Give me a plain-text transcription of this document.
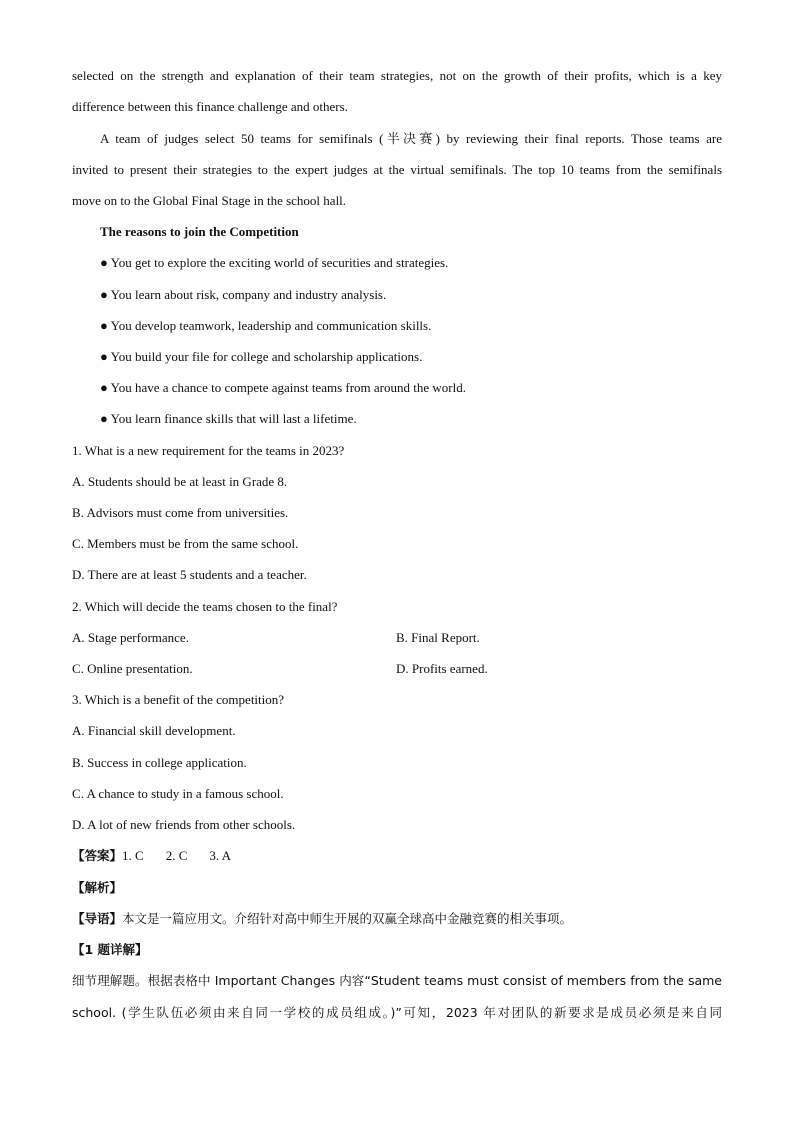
selected on the strength and explanation of their team strategies, not on the growth of their profits, which is a key
difference between this finance challenge and others.
A team of judges select 50 teams for semifinals (半决赛) by reviewing their final reports. Those teams are
invited to present their strategies to the expert judges at the virtual semifinals. The top 10 teams from the semifinals
move on to the Global Final Stage in the school hall.
The reasons to join the Competition
● You get to explore the exciting world of securities and strategies.
● You learn about risk, company and industry analysis.
● You develop teamwork, leadership and communication skills.
● You build your file for college and scholarship applications.
● You have a chance to compete against teams from around the world.
● You learn finance skills that will last a lifetime.
1. What is a new requirement for the teams in 2023?
A. Students should be at least in Grade 8.
B. Advisors must come from universities.
C. Members must be from the same school.
D. There are at least 5 students and a teacher.
2. Which will decide the teams chosen to the final?
A. Stage performance.	B. Final Report.
C. Online presentation.	D. Profits earned.
3. Which is a benefit of the competition?
A. Financial skill development.
B. Success in college application.
C. A chance to study in a famous school.
D. A lot of new friends from other schools.
【答案】1. C 2. C 3. A
【解析】
【导语】本文是一篇应用文。介绍针对高中师生开展的双赢全球高中金融竞赛的相关事项。
【1 题详解】
细节理解题。根据表格中 Important Changes 内容“Student teams must consist of members from the same
school. (学生队伍必须由来自同一学校的成员组成。)”可知，2023 年对团队的新要求是成员必须是来自同
